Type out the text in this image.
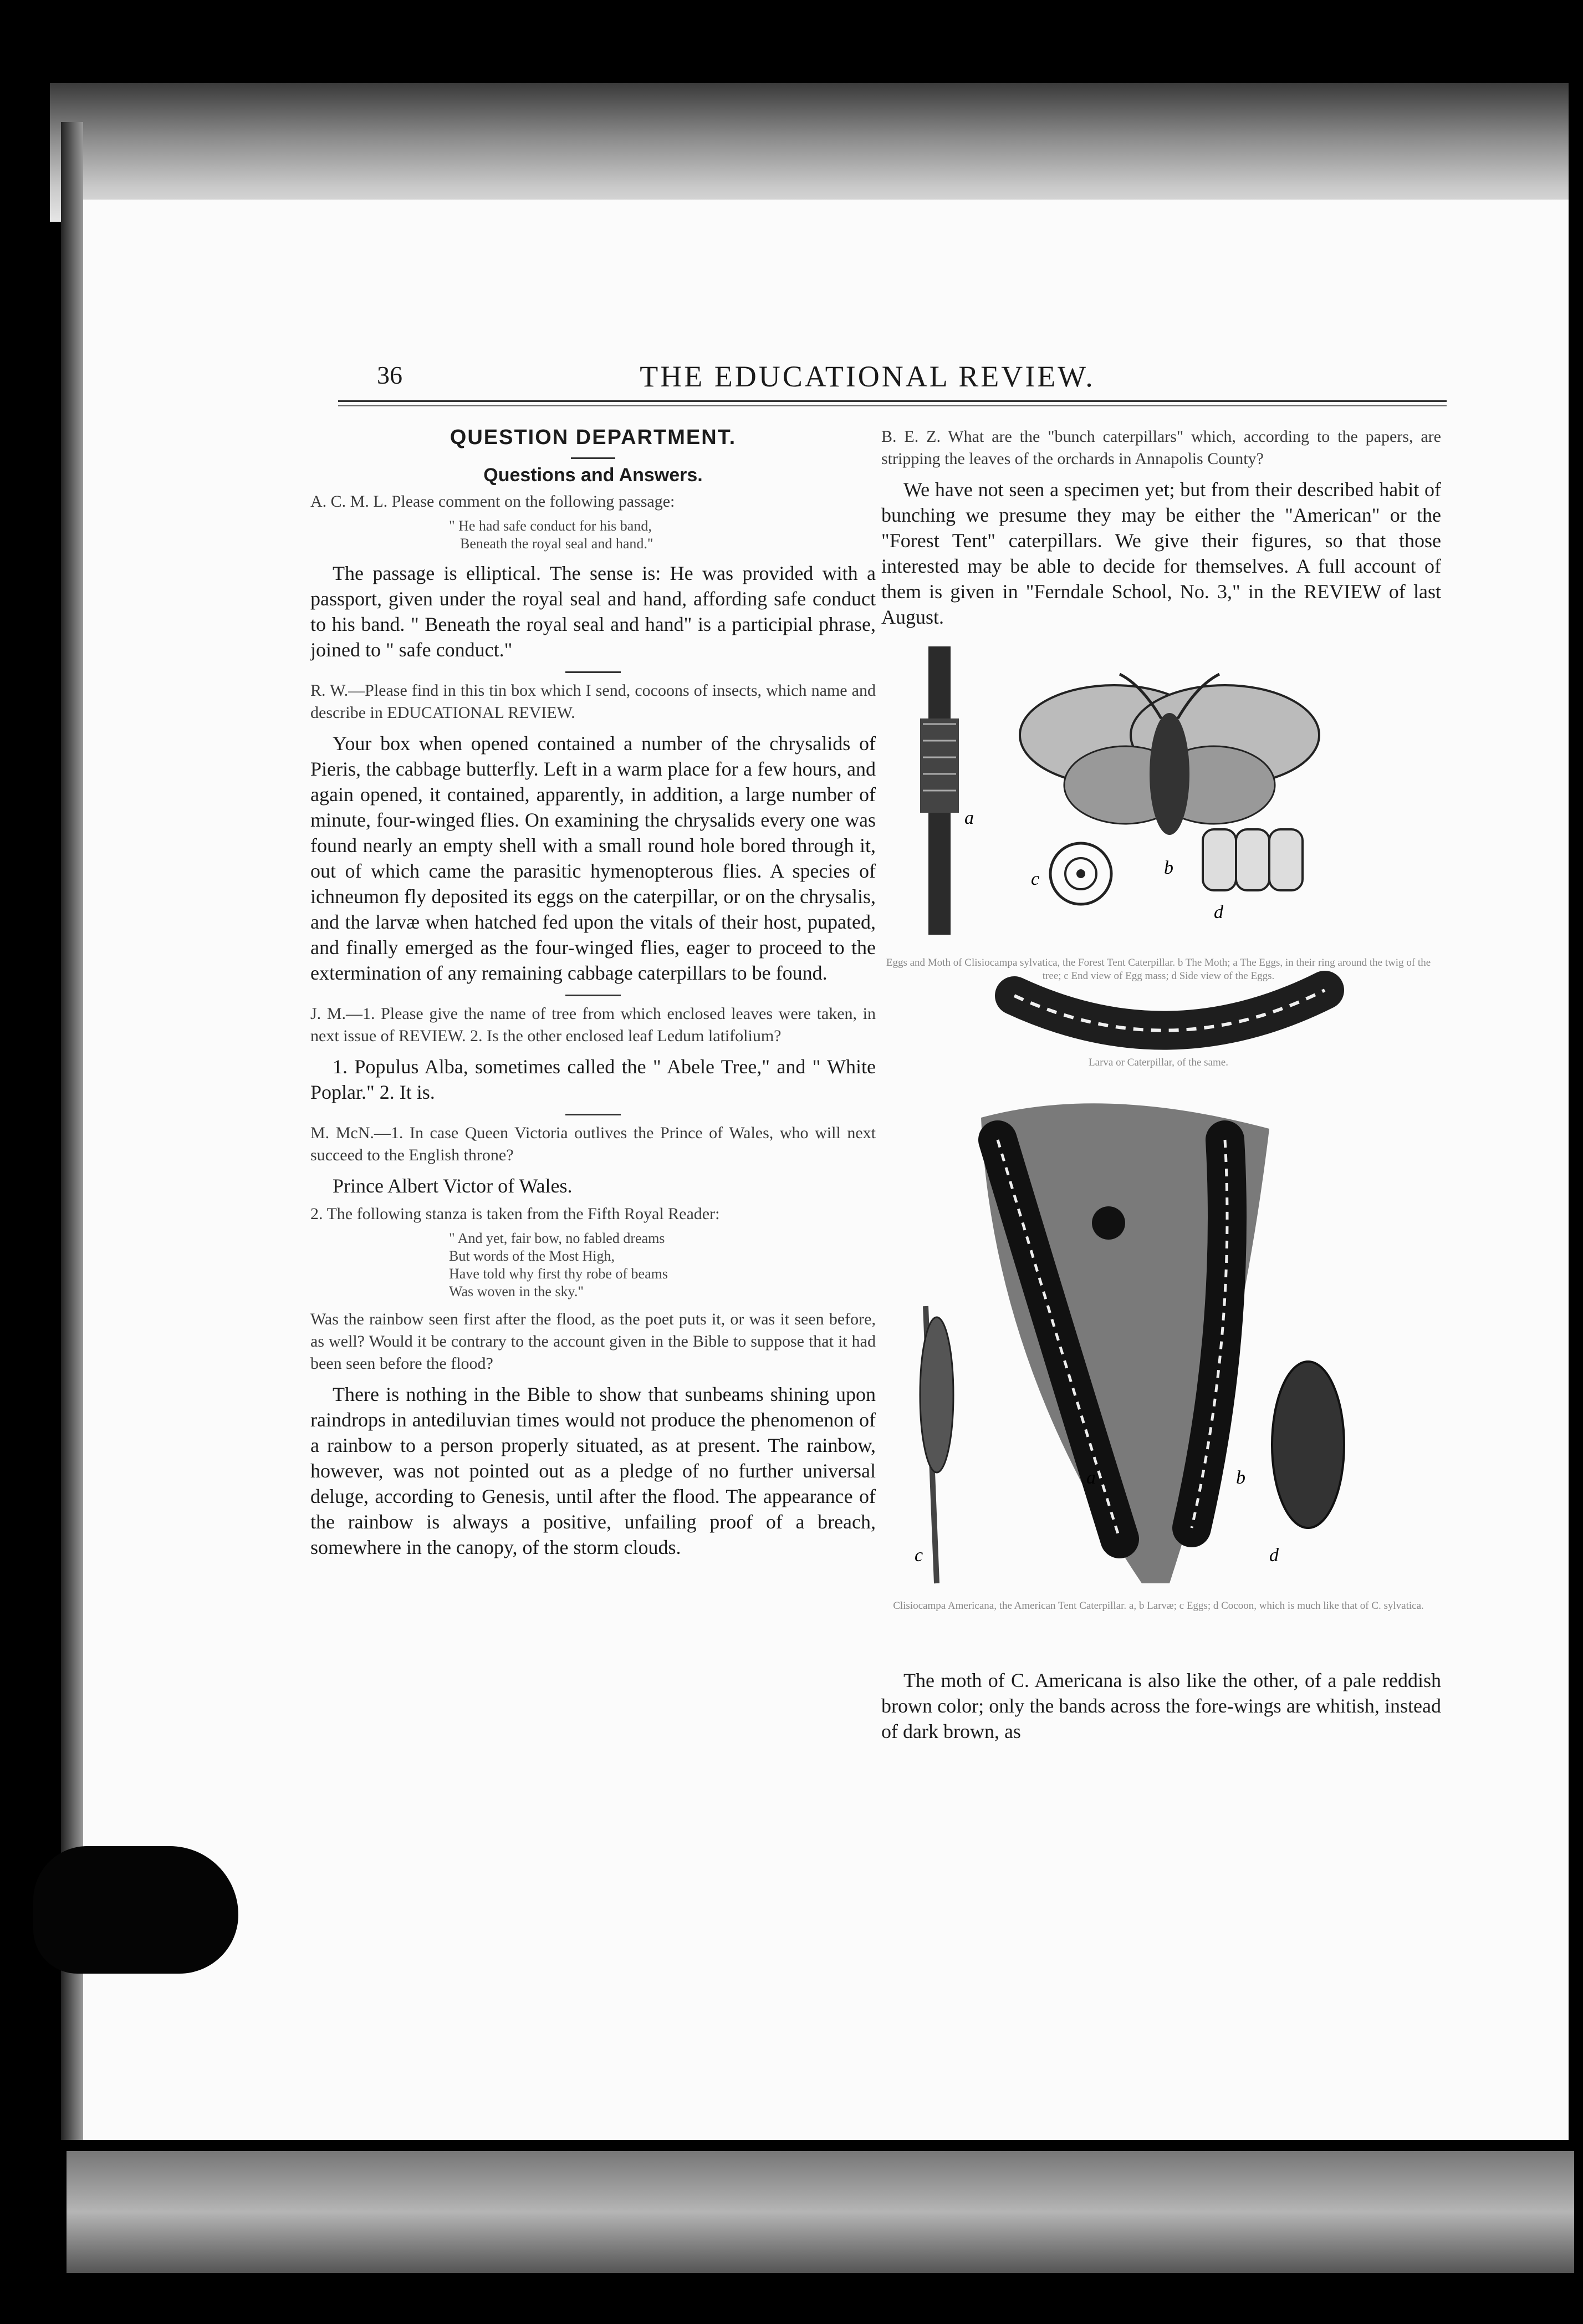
36	THE EDUCATIONAL REVIEW.
QUESTION DEPARTMENT.
Questions and Answers.

A. C. M. L. Please comment on the following passage:

" He had safe conduct for his band,
Beneath the royal seal and hand."

The passage is elliptical. The sense is: He was provided with a passport, given under the royal seal and hand, affording safe conduct to his band. " Beneath the royal seal and hand" is a participial phrase, joined to " safe conduct."

R. W.—Please find in this tin box which I send, cocoons of insects, which name and describe in EDUCATIONAL REVIEW.

Your box when opened contained a number of the chrysalids of Pieris, the cabbage butterfly. Left in a warm place for a few hours, and again opened, it contained, apparently, in addition, a large number of minute, four-winged flies. On examining the chrysalids every one was found nearly an empty shell with a small round hole bored through it, out of which came the parasitic hymenopterous flies. A species of ichneumon fly deposited its eggs on the caterpillar, or on the chrysalis, and the larvæ when hatched fed upon the vitals of their host, pupated, and finally emerged as the four-winged flies, eager to proceed to the extermination of any remaining cabbage caterpillars to be found.

J. M.—1. Please give the name of tree from which enclosed leaves were taken, in next issue of REVIEW. 2. Is the other enclosed leaf Ledum latifolium?

1. Populus Alba, sometimes called the " Abele Tree," and " White Poplar." 2. It is.

M. McN.—1. In case Queen Victoria outlives the Prince of Wales, who will next succeed to the English throne?

Prince Albert Victor of Wales.

2. The following stanza is taken from the Fifth Royal Reader:

" And yet, fair bow, no fabled dreams
But words of the Most High,
Have told why first thy robe of beams
Was woven in the sky."

Was the rainbow seen first after the flood, as the poet puts it, or was it seen before, as well? Would it be contrary to the account given in the Bible to suppose that it had been seen before the flood?

There is nothing in the Bible to show that sunbeams shining upon raindrops in antediluvian times would not produce the phenomenon of a rainbow to a person properly situated, as at present. The rainbow, however, was not pointed out as a pledge of no further universal deluge, according to Genesis, until after the flood. The appearance of the rainbow is always a positive, unfailing proof of a breach, somewhere in the canopy, of the storm clouds.

B. E. Z. What are the "bunch caterpillars" which, according to the papers, are stripping the leaves of the orchards in Annapolis County?

We have not seen a specimen yet; but from their described habit of bunching we presume they may be either the "American" or the "Forest Tent" caterpillars. We give their figures, so that those interested may be able to decide for themselves. A full account of them is given in "Ferndale School, No. 3," in the REVIEW of last August.

a
b
c
d
Eggs and Moth of Clisiocampa sylvatica, the Forest Tent Caterpillar. b The Moth; a The Eggs, in their ring around the twig of the tree; c End view of Egg mass; d Side view of the Eggs.
Larva or Caterpillar, of the same.
a	b
c	d
Clisiocampa Americana, the American Tent Caterpillar. a, b Larvæ; c Eggs; d Cocoon, which is much like that of C. sylvatica.

The moth of C. Americana is also like the other, of a pale reddish brown color; only the bands across the fore-wings are whitish, instead of dark brown, as
